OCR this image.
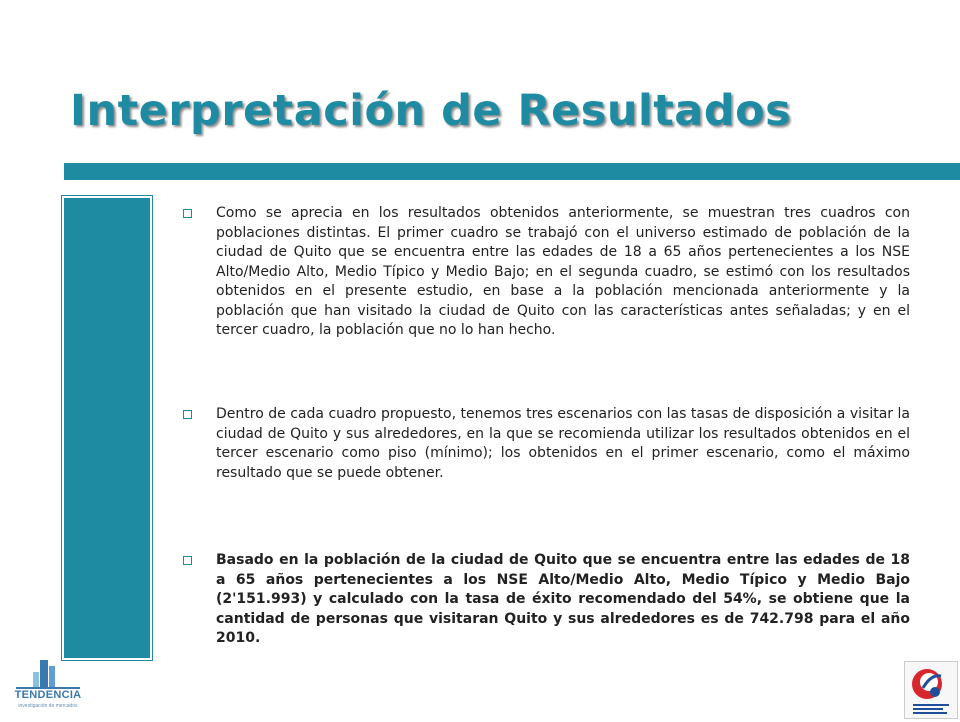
Interpretación de Resultados
Como se aprecia en los resultados obtenidos anteriormente, se muestran tres cuadros con poblaciones distintas. El primer cuadro se trabajó con el universo estimado de población de la ciudad de Quito que se encuentra entre las edades de 18 a 65 años pertenecientes a los NSE Alto/Medio Alto, Medio Típico y Medio Bajo; en el segunda cuadro, se estimó con los resultados obtenidos en el presente estudio, en base a la población mencionada anteriormente y la población que han visitado la ciudad de Quito con las características antes señaladas; y en el tercer cuadro, la población que no lo han hecho.
Dentro de cada cuadro propuesto, tenemos tres escenarios con las tasas de disposición a visitar la ciudad de Quito y sus alrededores, en la que se recomienda utilizar los resultados obtenidos en el tercer escenario como piso (mínimo); los obtenidos en el primer escenario, como el máximo resultado que se puede obtener.
Basado en la población de la ciudad de Quito que se encuentra entre las edades de 18 a 65 años pertenecientes a los NSE Alto/Medio Alto, Medio Típico y Medio Bajo (2'151.993) y calculado con la tasa de éxito recomendado del 54%, se obtiene que la cantidad de personas que visitaran Quito y sus alrededores es de 742.798 para el año 2010.
TENDENCIA
investigación de mercados
